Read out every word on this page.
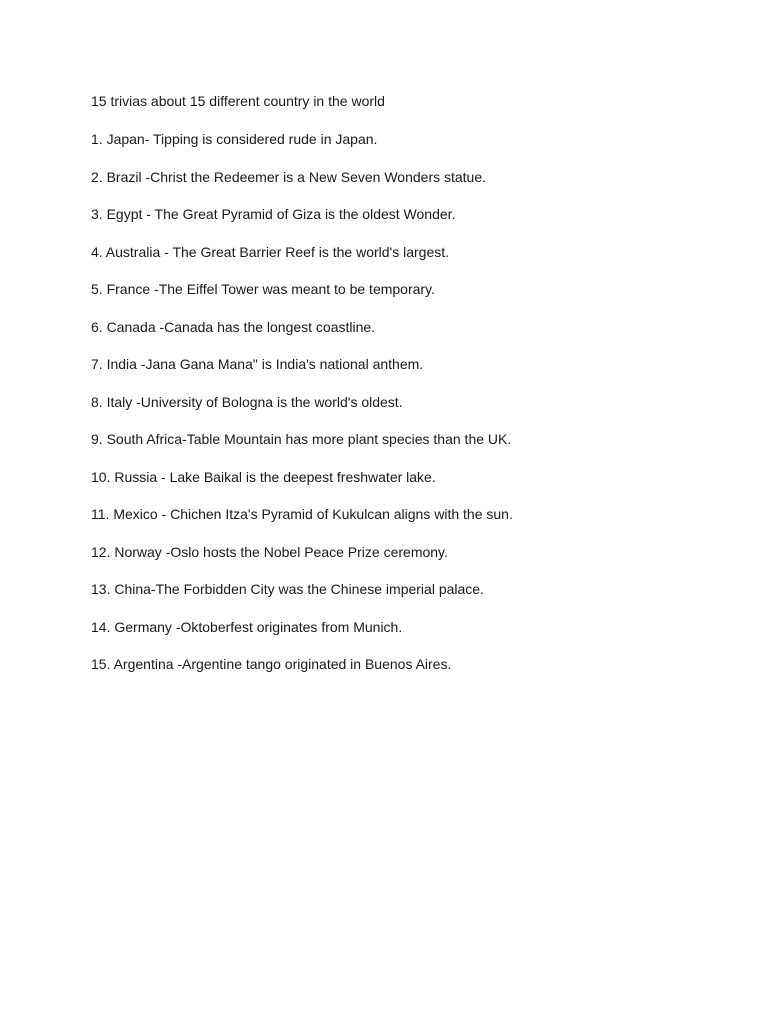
15 trivias about 15 different country in the world
1. Japan- Tipping is considered rude in Japan.
2. Brazil -Christ the Redeemer is a New Seven Wonders statue.
3. Egypt - The Great Pyramid of Giza is the oldest Wonder.
4. Australia - The Great Barrier Reef is the world's largest.
5. France -The Eiffel Tower was meant to be temporary.
6. Canada -Canada has the longest coastline.
7. India -Jana Gana Mana" is India's national anthem.
8. Italy -University of Bologna is the world's oldest.
9. South Africa-Table Mountain has more plant species than the UK.
10. Russia - Lake Baikal is the deepest freshwater lake.
11. Mexico - Chichen Itza's Pyramid of Kukulcan aligns with the sun.
12. Norway -Oslo hosts the Nobel Peace Prize ceremony.
13. China-The Forbidden City was the Chinese imperial palace.
14. Germany -Oktoberfest originates from Munich.
15. Argentina -Argentine tango originated in Buenos Aires.
